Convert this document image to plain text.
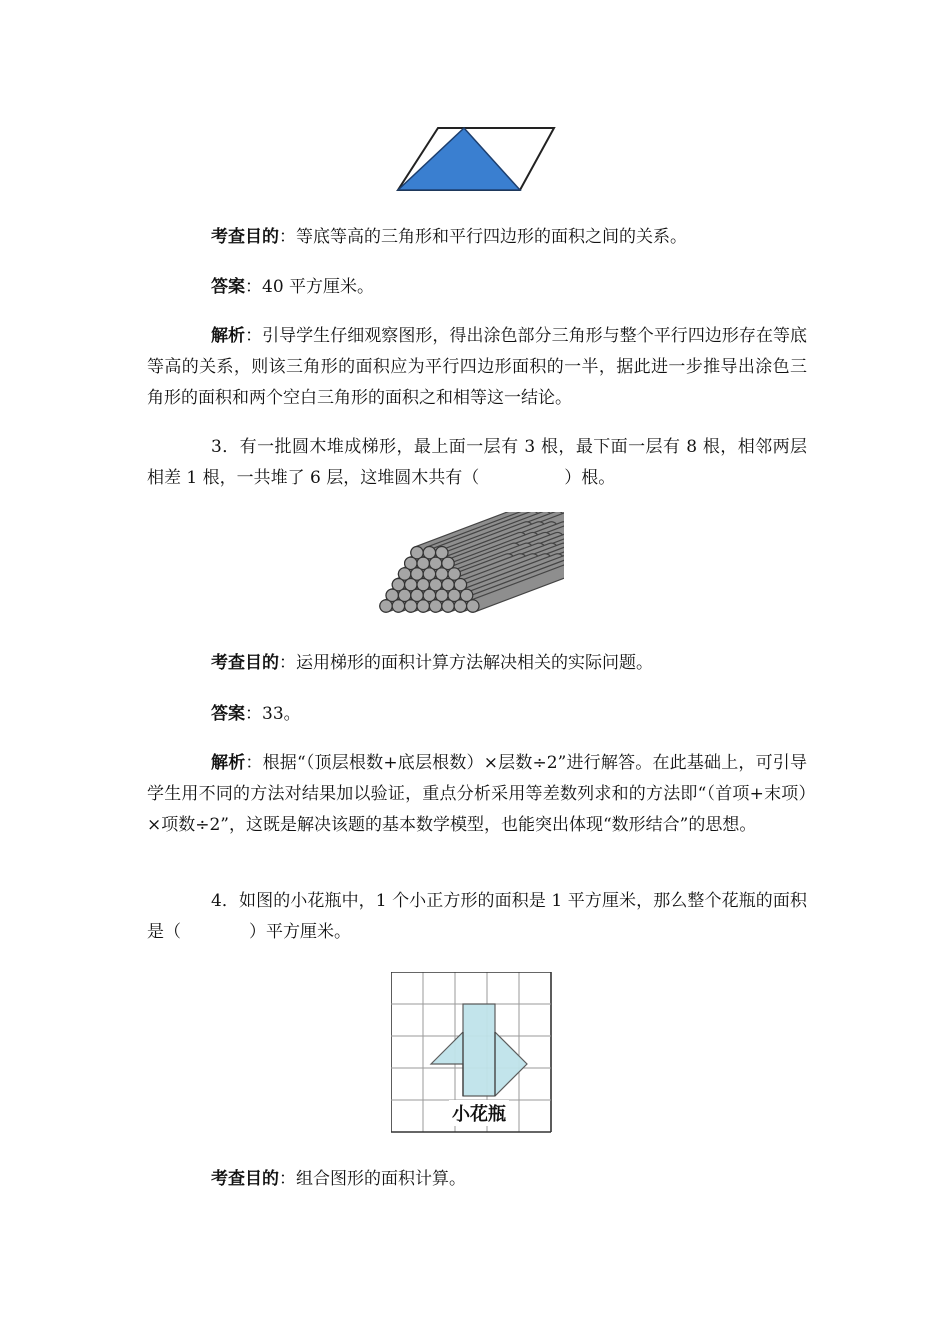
考查目的：等底等高的三角形和平行四边形的面积之间的关系。
答案：40 平方厘米。
解析：引导学生仔细观察图形，得出涂色部分三角形与整个平行四边形存在等底等高的关系，则该三角形的面积应为平行四边形面积的一半，据此进一步推导出涂色三角形的面积和两个空白三角形的面积之和相等这一结论。
3．有一批圆木堆成梯形，最上面一层有 3 根，最下面一层有 8 根，相邻两层相差 1 根，一共堆了 6 层，这堆圆木共有（　　　　　）根。
考查目的：运用梯形的面积计算方法解决相关的实际问题。
答案：33。
解析：根据“（顶层根数+底层根数）×层数÷2”进行解答。在此基础上，可引导学生用不同的方法对结果加以验证，重点分析采用等差数列求和的方法即“（首项+末项）×项数÷2”，这既是解决该题的基本数学模型，也能突出体现“数形结合”的思想。
4．如图的小花瓶中，1 个小正方形的面积是 1 平方厘米，那么整个花瓶的面积是（　　　　）平方厘米。
小花瓶
考查目的：组合图形的面积计算。
